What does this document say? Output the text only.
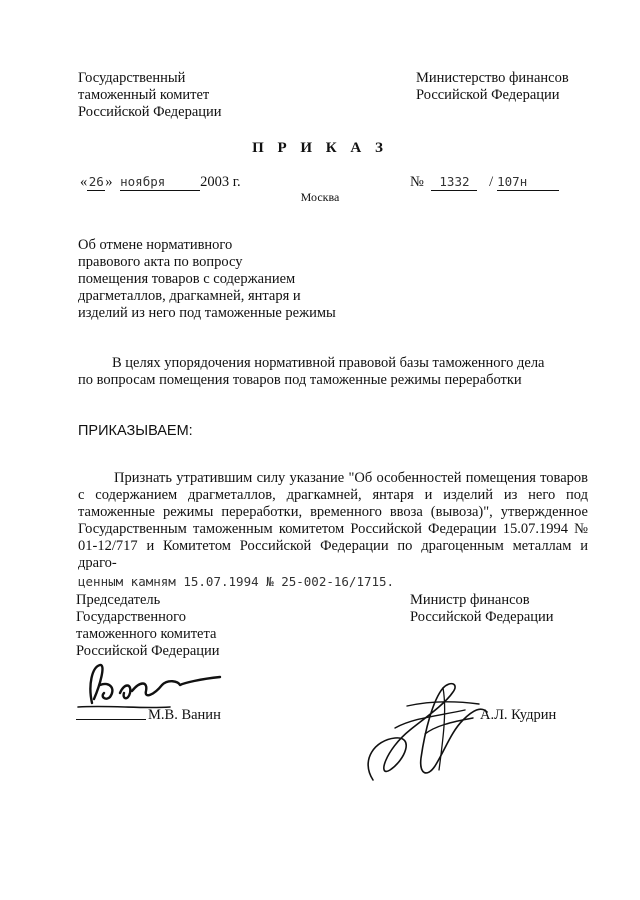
Государственный
таможенный комитет
Российской Федерации
Министерство финансов
Российской Федерации
П Р И К А З
«26» ноября 2003 г.	№ 1332 / 107н
Москва
Об отмене нормативного
правового акта по вопросу
помещения товаров с содержанием
драгметаллов, драгкамней, янтаря и
изделий из него под таможенные режимы
В целях упорядочения нормативной правовой базы таможенного дела по вопросам помещения товаров под таможенные режимы переработки
ПРИКАЗЫВАЕМ:
Признать утратившим силу указание "Об особенностей помещения товаров с содержанием драгметаллов, драгкамней, янтаря и изделий из него под таможенные режимы переработки, временного ввоза (вывоза)", утвержденное Государственным таможенным комитетом Российской Федерации 15.07.1994 № 01-12/717 и Комитетом Российской Федерации по драгоценным металлам и драго-
ценным камням 15.07.1994 № 25-002-16/1715.
Председатель
Государственного
таможенного комитета
Российской Федерации
М.В. Ванин
Министр финансов
Российской Федерации
А.Л. Кудрин
